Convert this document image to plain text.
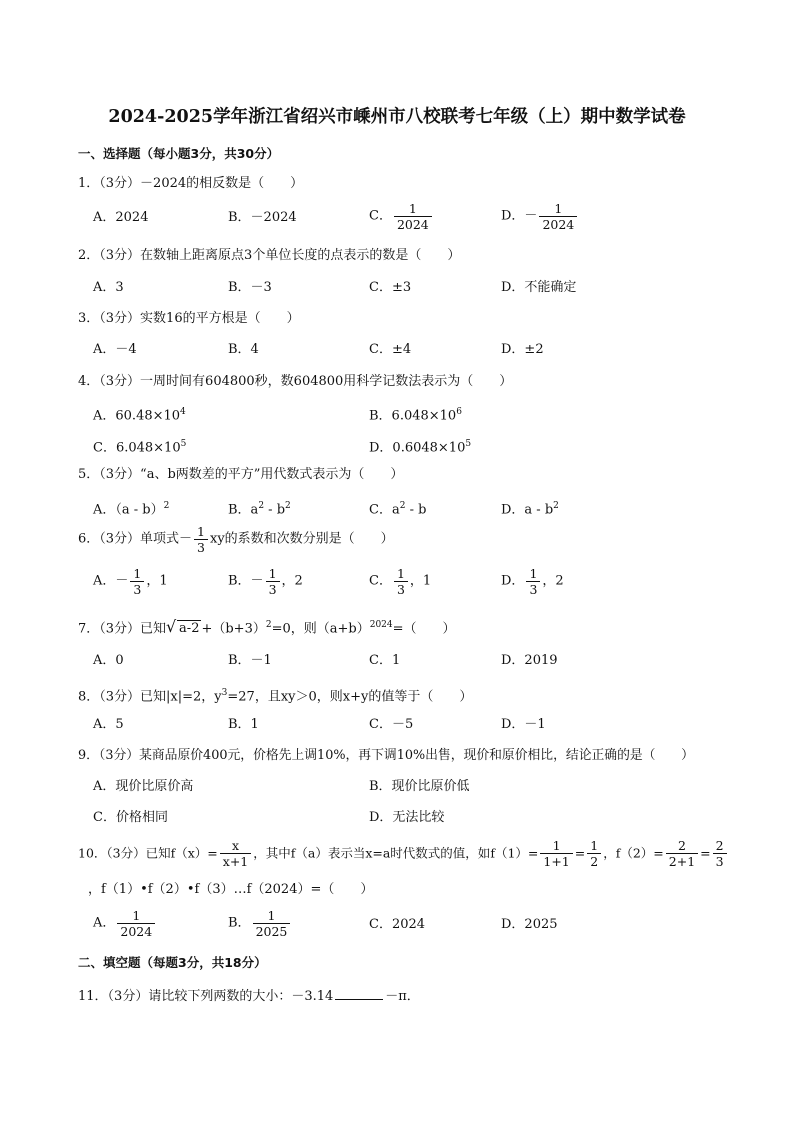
2024-2025学年浙江省绍兴市嵊州市八校联考七年级（上）期中数学试卷
一、选择题（每小题3分，共30分）
1．（3分）－2024的相反数是（　　）
A．2024	B．－2024	C． $\frac{1}{2024}$	D．－ $\frac{1}{2024}$
2．（3分）在数轴上距离原点3个单位长度的点表示的数是（　　）
A．3	B．－3	C．±3	D．不能确定
3．（3分）实数16的平方根是（　　）
A．－4	B．4	C．±4	D．±2
4．（3分）一周时间有604800秒，数604800用科学记数法表示为（　　）
A．$60.48\times 10^4$	B．$6.048\times 10^6$
C．$6.048\times 10^5$	D．$0.6048\times 10^5$
5．（3分）“a、b两数差的平方”用代数式表示为（　　）
A．（a - b）$^2$	B．$a^2 - b^2$	C．$a^2$ - b	D．a - $b^2$
6．（3分）单项式－ $\frac{1}{3}$ xy的系数和次数分别是（　　）
A．－ $\frac{1}{3}$ ，1	B．－ $\frac{1}{3}$ ，2	C． $\frac{1}{3}$ ，1	D． $\frac{1}{3}$ ，2
7．（3分）已知 √ $a-2 +(b+3)^2=0$，则$(a+b)^{2024}=$（　　）
A．0	B．－1	C．1	D．2019
8．（3分）已知|x|=2，$y^3=27$，且xy＞0，则x+y的值等于（　　）
A．5	B．1	C．－5	D．－1
9．（3分）某商品原价400元，价格先上调10%，再下调10%出售，现价和原价相比，结论正确的是（　　）
A．现价比原价高	B．现价比原价低
C．价格相同	D．无法比较
10．（3分）已知$f(x)= \frac{x}{x+1}$ ，其中f（a）表示当x=a时代数式的值，如$f(1)= \frac{1}{1+1} = \frac{1}{2}$ ，$f(2)= \frac{2}{2+1} = \frac{2}{3}$
，f（1）•f（2）•f（3）…f（2024）=（　　）
A． $\frac{1}{2024}$	B． $\frac{1}{2025}$	C．2024	D．2025
二、填空题（每题3分，共18分）
11．（3分）请比较下列两数的大小：－3.14	－π．
